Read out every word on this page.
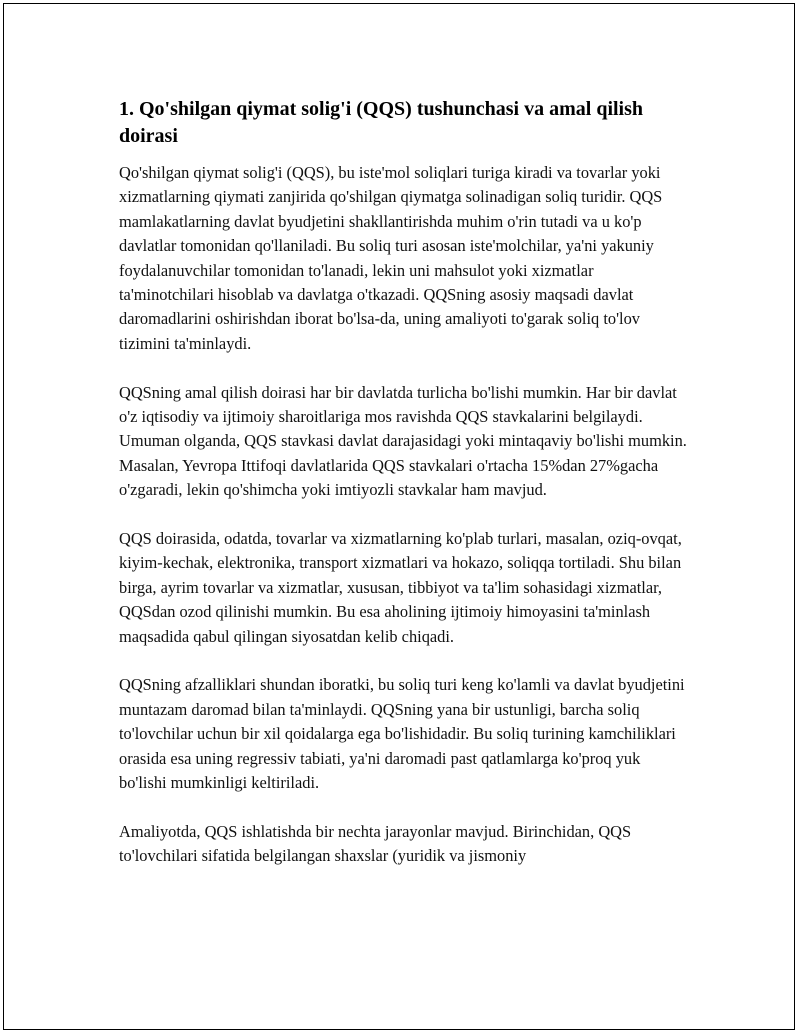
1. Qo'shilgan qiymat solig'i (QQS) tushunchasi va amal qilish doirasi

Qo'shilgan qiymat solig'i (QQS), bu iste'mol soliqlari turiga kiradi va tovarlar yoki xizmatlarning qiymati zanjirida qo'shilgan qiymatga solinadigan soliq turidir. QQS mamlakatlarning davlat byudjetini shakllantirishda muhim o'rin tutadi va u ko'p davlatlar tomonidan qo'llaniladi. Bu soliq turi asosan iste'molchilar, ya'ni yakuniy foydalanuvchilar tomonidan to'lanadi, lekin uni mahsulot yoki xizmatlar ta'minotchilari hisoblab va davlatga o'tkazadi. QQSning asosiy maqsadi davlat daromadlarini oshirishdan iborat bo'lsa-da, uning amaliyoti to'garak soliq to'lov tizimini ta'minlaydi.

QQSning amal qilish doirasi har bir davlatda turlicha bo'lishi mumkin. Har bir davlat o'z iqtisodiy va ijtimoiy sharoitlariga mos ravishda QQS stavkalarini belgilaydi. Umuman olganda, QQS stavkasi davlat darajasidagi yoki mintaqaviy bo'lishi mumkin. Masalan, Yevropa Ittifoqi davlatlarida QQS stavkalari o'rtacha 15%dan 27%gacha o'zgaradi, lekin qo'shimcha yoki imtiyozli stavkalar ham mavjud.

QQS doirasida, odatda, tovarlar va xizmatlarning ko'plab turlari, masalan, oziq-ovqat, kiyim-kechak, elektronika, transport xizmatlari va hokazo, soliqqa tortiladi. Shu bilan birga, ayrim tovarlar va xizmatlar, xususan, tibbiyot va ta'lim sohasidagi xizmatlar, QQSdan ozod qilinishi mumkin. Bu esa aholining ijtimoiy himoyasini ta'minlash maqsadida qabul qilingan siyosatdan kelib chiqadi.

QQSning afzalliklari shundan iboratki, bu soliq turi keng ko'lamli va davlat byudjetini muntazam daromad bilan ta'minlaydi. QQSning yana bir ustunligi, barcha soliq to'lovchilar uchun bir xil qoidalarga ega bo'lishidadir. Bu soliq turining kamchiliklari orasida esa uning regressiv tabiati, ya'ni daromadi past qatlamlarga ko'proq yuk bo'lishi mumkinligi keltiriladi.

Amaliyotda, QQS ishlatishda bir nechta jarayonlar mavjud. Birinchidan, QQS to'lovchilari sifatida belgilangan shaxslar (yuridik va jismoniy
